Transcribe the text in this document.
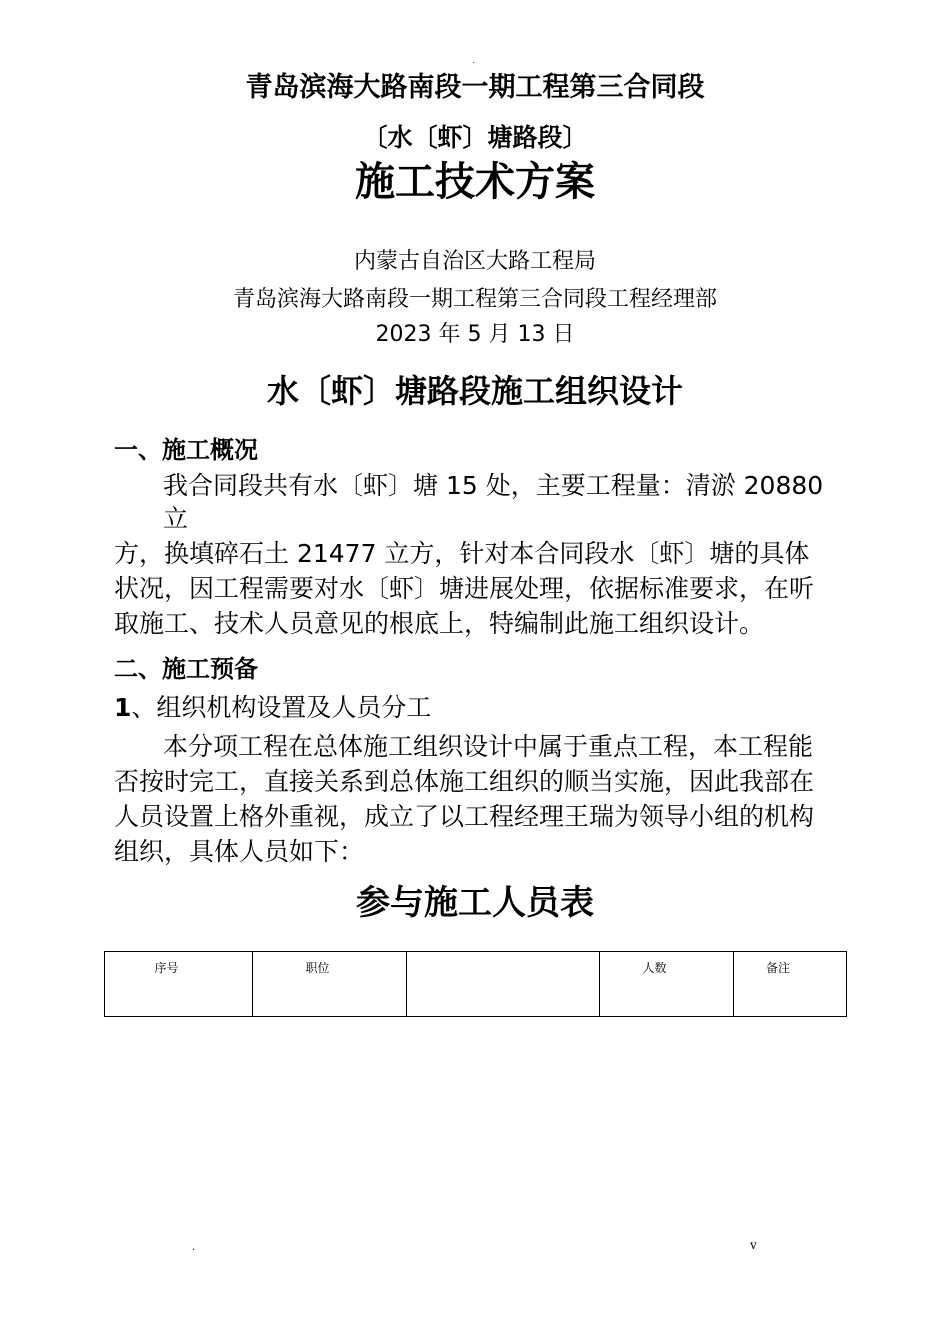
.
青岛滨海大路南段一期工程第三合同段
〔水〔虾〕塘路段〕
施工技术方案
内蒙古自治区大路工程局
青岛滨海大路南段一期工程第三合同段工程经理部
2023 年 5 月 13 日
水〔虾〕塘路段施工组织设计
一、施工概况
我合同段共有水〔虾〕塘 15 处，主要工程量：清淤 20880
立
方，换填碎石土 21477 立方，针对本合同段水〔虾〕塘的具体
状况，因工程需要对水〔虾〕塘进展处理，依据标准要求，在听
取施工、技术人员意见的根底上，特编制此施工组织设计。
二、施工预备
1、组织机构设置及人员分工
本分项工程在总体施工组织设计中属于重点工程，本工程能
否按时完工，直接关系到总体施工组织的顺当实施，因此我部在
人员设置上格外重视，成立了以工程经理王瑞为领导小组的机构
组织，具体人员如下：
参与施工人员表
序号	职位		人数	备注
.	v
